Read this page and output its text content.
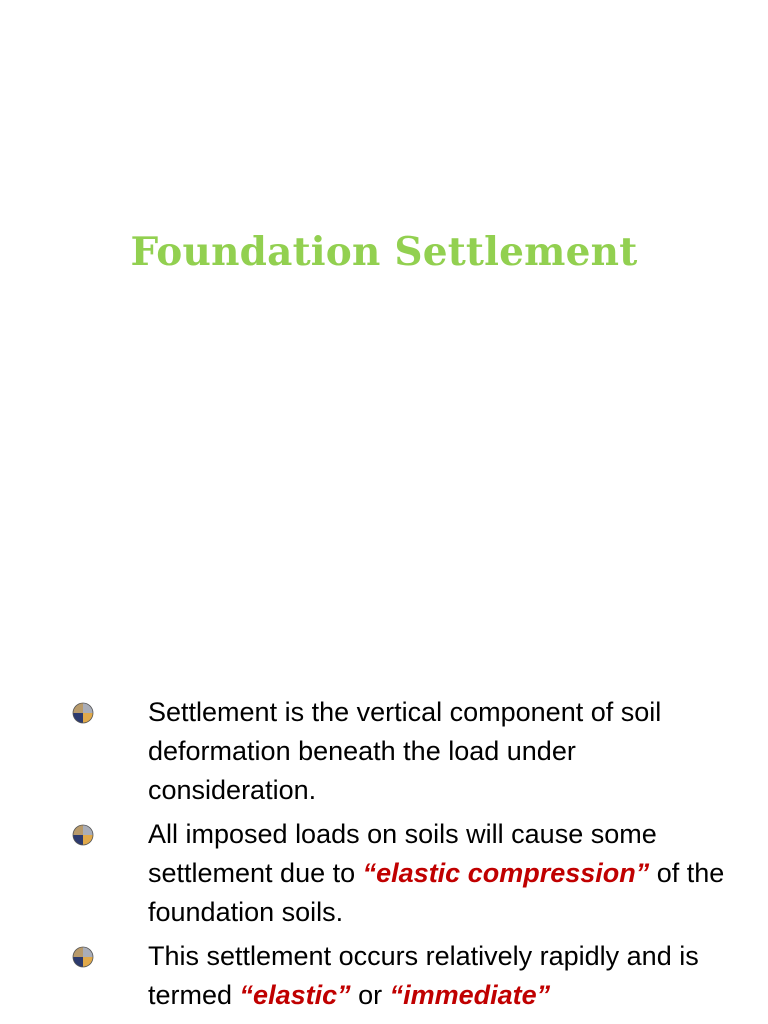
Foundation Settlement
Settlement is the vertical component of soil deformation beneath the load under consideration.
All imposed loads on soils will cause some settlement due to “elastic compression” of the foundation soils.
This settlement occurs relatively rapidly and is termed “elastic” or “immediate”
